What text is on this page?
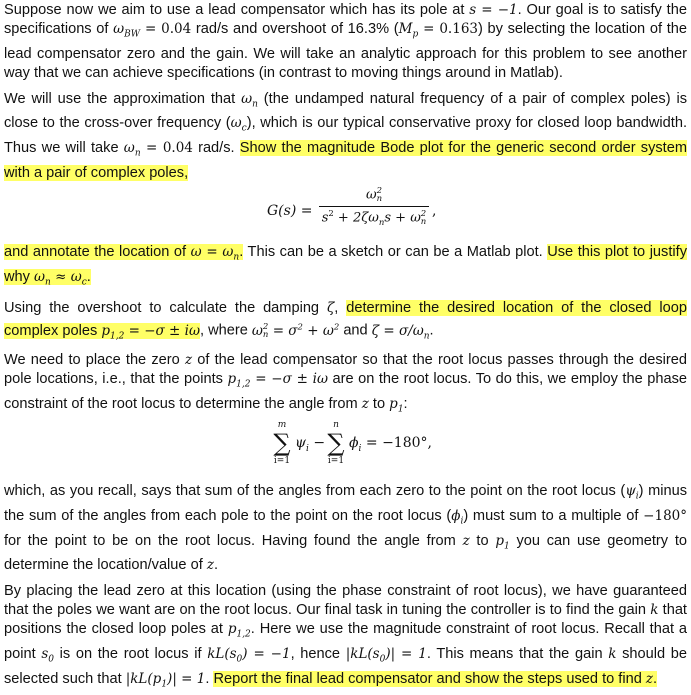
Suppose now we aim to use a lead compensator which has its pole at s = −1. Our goal is to satisfy the specifications of $\omega_{BW} = 0.04$ rad/s and overshoot of 16.3% $(M_p = 0.163)$ by selecting the location of the lead compensator zero and the gain. We will take an analytic approach for this problem to see another way that we can achieve specifications (in contrast to moving things around in Matlab).

We will use the approximation that $\omega_n$ (the undamped natural frequency of a pair of complex poles) is close to the cross-over frequency $(\omega_c)$, which is our typical conservative proxy for closed loop bandwidth. Thus we will take $\omega_n = 0.04$ rad/s. Show the magnitude Bode plot for the generic second order system with a pair of complex poles,

G(s) =
ω2
n
$s^2 + 2\zeta\omega_ns + \omega 2$
n
,

and annotate the location of $\omega = \omega_n$. This can be a sketch or can be a Matlab plot. Use this plot to justify why $\omega_n \approx \omega_c$.

Using the overshoot to calculate the damping ζ, determine the desired location of the closed loop complex poles $p_{1,2} = -\sigma \pm i\omega$, where ω2
$n = \sigma^2 + \omega^2$ and $\zeta = \sigma/\omega_n$.

We need to place the zero z of the lead compensator so that the root locus passes through the desired pole locations, i.e., that the points $p_{1,2} = -\sigma \pm i\omega$ are on the root locus. To do this, we employ the phase constraint of the root locus to determine the angle from z to $p_1$:

m
∑
i=1
$\psi_i$ −
n
∑
i=1
$\phi_i = -180^\circ$,

which, as you recall, says that sum of the angles from each zero to the point on the root locus $(\psi_i)$ minus the sum of the angles from each pole to the point on the root locus $(\phi_i)$ must sum to a multiple of −180° for the point to be on the root locus. Having found the angle from z to $p_1$ you can use geometry to determine the location/value of z.

By placing the lead zero at this location (using the phase constraint of root locus), we have guaranteed that the poles we want are on the root locus. Our final task in tuning the controller is to find the gain k that positions the closed loop poles at $p_{1,2}$. Here we use the magnitude constraint of root locus. Recall that a point $s_0$ is on the root locus if $kL(s_0) = -1$, hence $|kL(s_0)| = 1$. This means that the gain k should be selected such that $|kL(p_1)| = 1$. Report the final lead compensator and show the steps used to find z.
